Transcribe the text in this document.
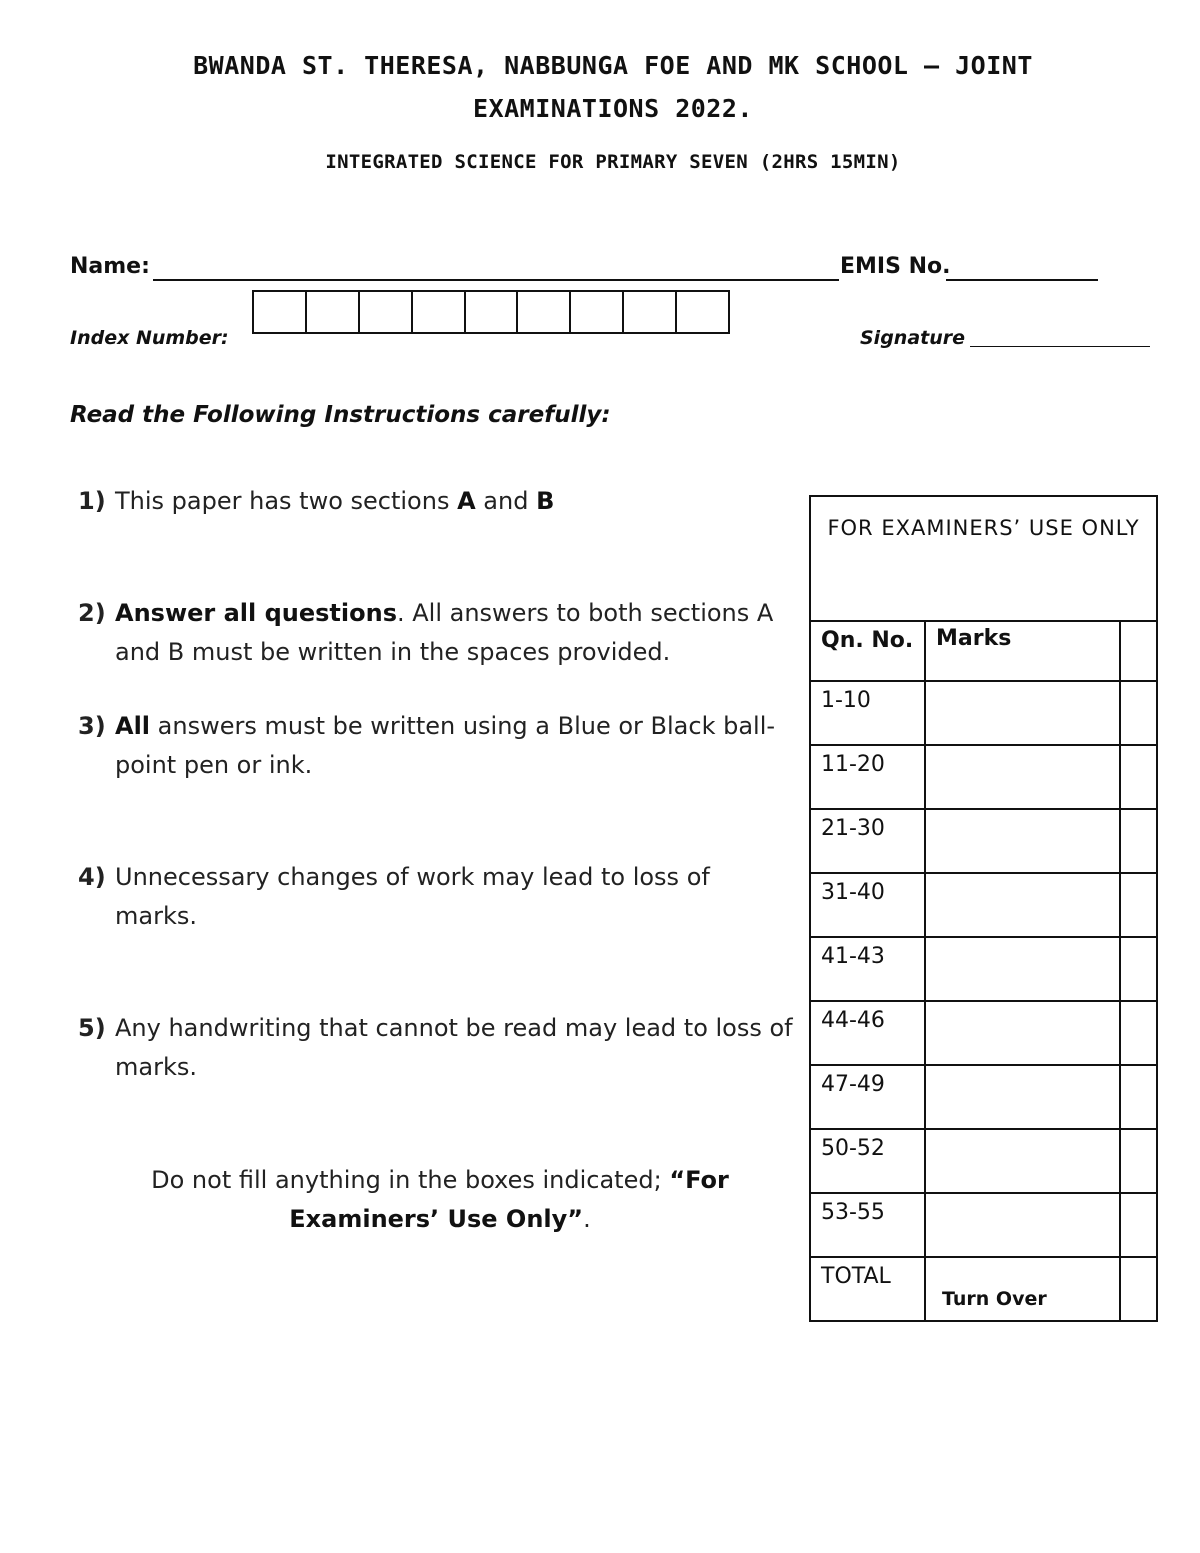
BWANDA ST. THERESA, NABBUNGA FOE AND MK SCHOOL – JOINT
EXAMINATIONS 2022.
INTEGRATED SCIENCE FOR PRIMARY SEVEN (2HRS 15MIN)
Name:	EMIS No.
Index Number:	Signature
Read the Following Instructions carefully:
1) This paper has two sections A and B
2) Answer all questions. All answers to both sections A and B must be written in the spaces provided.
3) All answers must be written using a Blue or Black ball-point pen or ink.
4) Unnecessary changes of work may lead to loss of marks.
5) Any handwriting that cannot be read may lead to loss of marks.
Do not fill anything in the boxes indicated; “For Examiners’ Use Only”.
FOR EXAMINERS’ USE ONLY		
Qn. No.	Marks	
1-10		
11-20		
21-30		
31-40		
41-43		
44-46		
47-49		
50-52		
53-55		
TOTAL	Turn Over	
